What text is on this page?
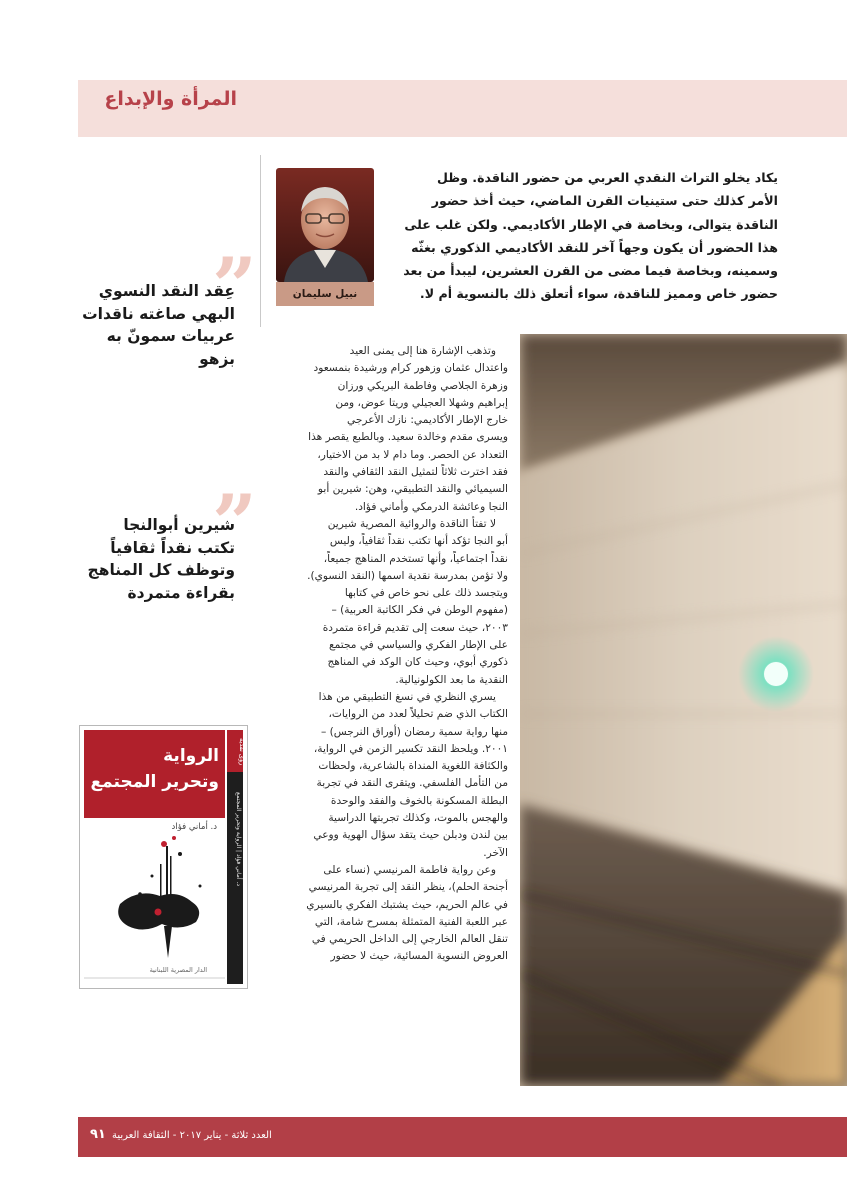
المرأة والإبداع
نبيل سليمان
يكاد يخلو التراث النقدي العربي من حضور الناقدة. وظل
الأمر كذلك حتى ستينيات القرن الماضي، حيث أخذ حضور
الناقدة يتوالى، وبخاصة في الإطار الأكاديمي. ولكن غلب على
هذا الحضور أن يكون وجهاً آخر للنقد الأكاديمي الذكوري بغثّه
وسمينه، وبخاصة فيما مضى من القرن العشرين، ليبدأ من بعد
حضور خاص ومميز للناقدة، سواء أتعلق ذلك بالنسوية أم لا.
”
عِقد النقد النسوي
البهي صاغته ناقدات
عربيات سمونّ به
بزهو
”
شيرين أبوالنجا
تكتب نقداً ثقافياً
وتوظف كل المناهج
بقراءة متمردة
الرواية
وتحرير المجتمع
د. أماني فؤاد
رؤى نقدية
د. أماني فؤاد | الرواية وتحرير المجتمع
الدار المصرية اللبنانية
وتذهب الإشارة هنا إلى يمنى العيد
واعتدال عثمان وزهور كرام ورشيدة بنمسعود
وزهرة الجلاصي وفاطمة البريكي ورزان
إبراهيم وشهلا العجيلي وريتا عوض، ومن
خارج الإطار الأكاديمي: نازك الأعرجي
ويسرى مقدم وخالدة سعيد. وبالطبع يقصر هذا
التعداد عن الحصر. وما دام لا بد من الاختيار،
فقد اخترت ثلاثاً لتمثيل النقد الثقافي والنقد
السيميائي والنقد التطبيقي، وهن: شيرين أبو
النجا وعائشة الدرمكي وأماني فؤاد.
لا تفتأ الناقدة والروائية المصرية شيرين
أبو النجا تؤكد أنها تكتب نقداً ثقافياً، وليس
نقداً اجتماعياً، وأنها تستخدم المناهج جميعاً،
ولا تؤمن بمدرسة نقدية اسمها (النقد النسوي).
ويتجسد ذلك على نحو خاص في كتابها
(مفهوم الوطن في فكر الكاتبة العربية) –
٢٠٠٣، حيث سعت إلى تقديم قراءة متمردة
على الإطار الفكري والسياسي في مجتمع
ذكوري أبوي، وحيث كان الوكد في المناهج
النقدية ما بعد الكولونيالية.
يسري النظري في نسغ التطبيقي من هذا
الكتاب الذي ضم تحليلاً لعدد من الروايات،
منها رواية سمية رمضان (أوراق النرجس) –
٢٠٠١. ويلحظ النقد تكسير الزمن في الرواية،
والكثافة اللغوية المنداة بالشاعرية، ولحظات
من التأمل الفلسفي. ويتقرى النقد في تجربة
البطلة المسكونة بالخوف والفقد والوحدة
والهجس بالموت، وكذلك تجربتها الدراسية
بين لندن ودبلن حيث يتقد سؤال الهوية ووعي
الآخر.
وعن رواية فاطمة المرنيسي (نساء على
أجنحة الحلم)، ينظر النقد إلى تجربة المرنيسي
في عالم الحريم، حيث يشتبك الفكري بالسيري
عبر اللعبة الفنية المتمثلة بمسرح شامة، التي
تنقل العالم الخارجي إلى الداخل الحريمي في
العروض النسوية المسائية، حيث لا حضور
٩١ العدد ثلاثة - يناير ٢٠١٧ - الثقافة العربية
